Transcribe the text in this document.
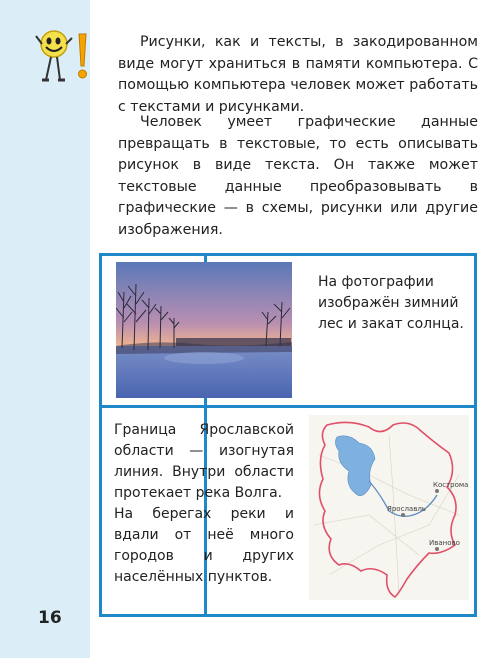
Рисунки, как и тексты, в закодированном виде могут храниться в памяти компьютера. С помощью компьютера человек может работать с текстами и рисунками.

Человек умеет графические данные превращать в текстовые, то есть описывать рисунок в виде текста. Он также может текстовые данные преобразовывать в графические — в схемы, рисунки или другие изображения.

На фотографии изображён зимний лес и закат солнца.
Граница Ярославской области — изогнутая линия. Внутри области протекает река Волга.
На берегах реки и вдали от неё много городов и других населённых пунктов.
Ярославль
Кострома
Иваново
16
